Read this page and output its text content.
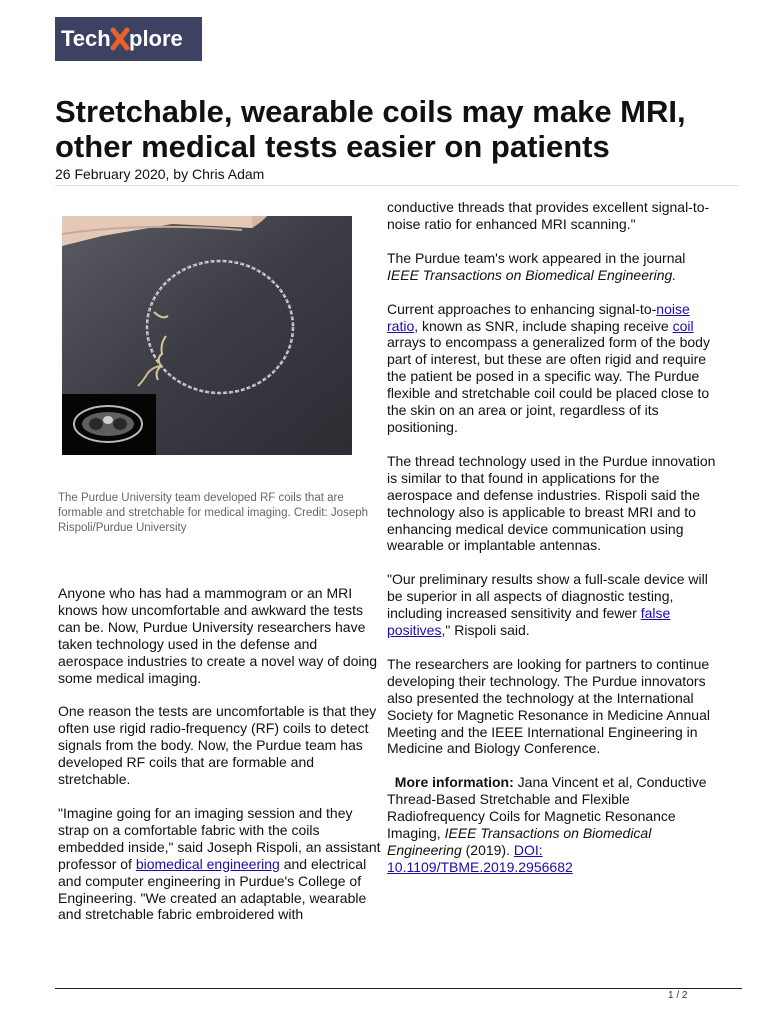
Tech plore
Stretchable, wearable coils may make MRI, other medical tests easier on patients
26 February 2020, by Chris Adam
The Purdue University team developed RF coils that are formable and stretchable for medical imaging. Credit: Joseph Rispoli/Purdue University

Anyone who has had a mammogram or an MRI knows how uncomfortable and awkward the tests can be. Now, Purdue University researchers have taken technology used in the defense and aerospace industries to create a novel way of doing some medical imaging.

One reason the tests are uncomfortable is that they often use rigid radio-frequency (RF) coils to detect signals from the body. Now, the Purdue team has developed RF coils that are formable and stretchable.

"Imagine going for an imaging session and they strap on a comfortable fabric with the coils embedded inside," said Joseph Rispoli, an assistant professor of biomedical engineering and electrical and computer engineering in Purdue's College of Engineering. "We created an adaptable, wearable and stretchable fabric embroidered with

conductive threads that provides excellent signal-to-noise ratio for enhanced MRI scanning."

The Purdue team's work appeared in the journal IEEE Transactions on Biomedical Engineering.

Current approaches to enhancing signal-to-noise ratio, known as SNR, include shaping receive coil arrays to encompass a generalized form of the body part of interest, but these are often rigid and require the patient be posed in a specific way. The Purdue flexible and stretchable coil could be placed close to the skin on an area or joint, regardless of its positioning.

The thread technology used in the Purdue innovation is similar to that found in applications for the aerospace and defense industries. Rispoli said the technology also is applicable to breast MRI and to enhancing medical device communication using wearable or implantable antennas.

"Our preliminary results show a full-scale device will be superior in all aspects of diagnostic testing, including increased sensitivity and fewer false positives," Rispoli said.

The researchers are looking for partners to continue developing their technology. The Purdue innovators also presented the technology at the International Society for Magnetic Resonance in Medicine Annual Meeting and the IEEE International Engineering in Medicine and Biology Conference.

More information: Jana Vincent et al, Conductive Thread-Based Stretchable and Flexible Radiofrequency Coils for Magnetic Resonance Imaging, IEEE Transactions on Biomedical Engineering (2019). DOI: 10.1109/TBME.2019.2956682

1 / 2
